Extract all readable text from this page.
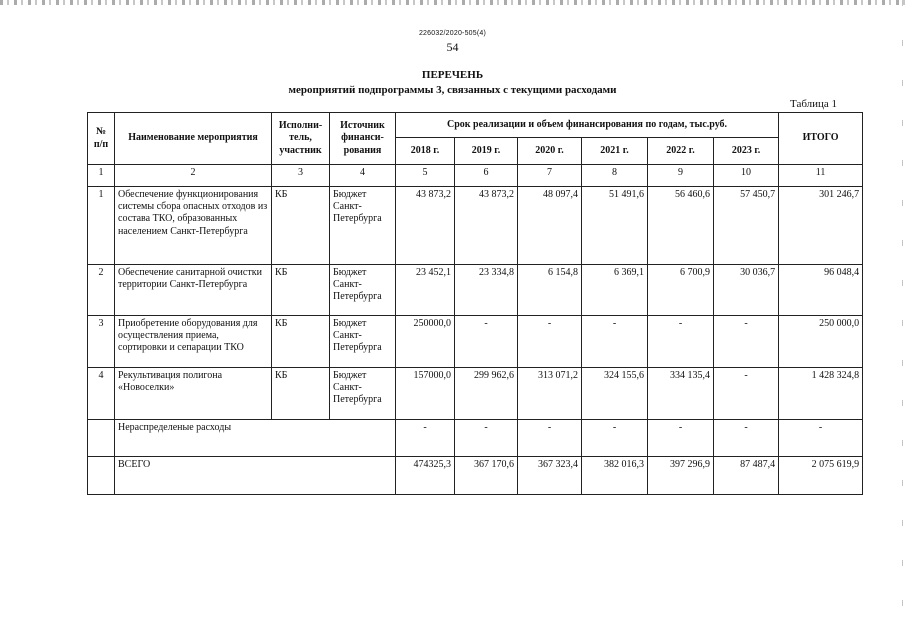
226032/2020-505(4)
54
ПЕРЕЧЕНЬ
мероприятий подпрограммы 3, связанных с текущими расходами
Таблица 1
№ п/п	Наименование мероприятия	Исполни-тель, участник	Источник финанси-рования	Срок реализации и объем финансирования по годам, тыс.руб.						ИТОГО
				2018 г.	2019 г.	2020 г.	2021 г.	2022 г.	2023 г.	
1	2	3	4	5	6	7	8	9	10	11
1	Обеспечение функционирования системы сбора опасных отходов из состава ТКО, образованных населением Санкт-Петербурга	КБ	Бюджет Санкт-Петербурга	43 873,2	43 873,2	48 097,4	51 491,6	56 460,6	57 450,7	301 246,7
2	Обеспечение санитарной очистки территории Санкт-Петербурга	КБ	Бюджет Санкт-Петербурга	23 452,1	23 334,8	6 154,8	6 369,1	6 700,9	30 036,7	96 048,4
3	Приобретение оборудования для осуществления приема, сортировки и сепарации ТКО	КБ	Бюджет Санкт-Петербурга	250000,0	-	-	-	-	-	250 000,0
4	Рекультивация полигона «Новоселки»	КБ	Бюджет Санкт-Петербурга	157000,0	299 962,6	313 071,2	324 155,6	334 135,4	-	1 428 324,8
	Нераспределеные расходы			-	-	-	-	-	-	-
	ВСЕГО			474325,3	367 170,6	367 323,4	382 016,3	397 296,9	87 487,4	2 075 619,9
